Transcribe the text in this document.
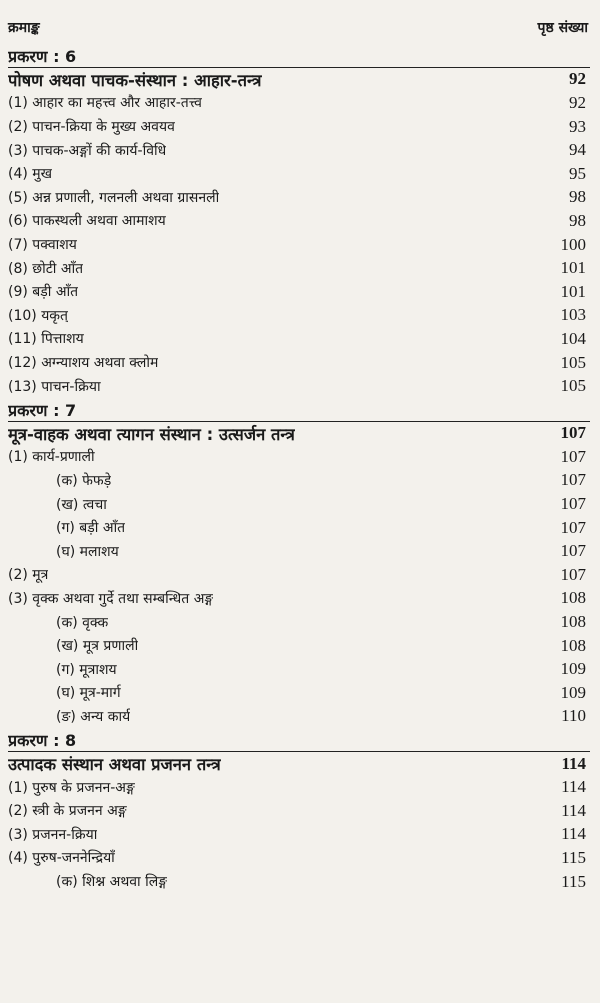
क्रमाङ्क	पृष्ठ संख्या
प्रकरण : 6
पोषण अथवा पाचक-संस्थान : आहार-तन्त्र	92
(1) आहार का महत्त्व और आहार-तत्त्व	92
(2) पाचन-क्रिया के मुख्य अवयव	93
(3) पाचक-अङ्गों की कार्य-विधि	94
(4) मुख	95
(5) अन्न प्रणाली, गलनली अथवा ग्रासनली	98
(6) पाकस्थली अथवा आमाशय	98
(7) पक्वाशय	100
(8) छोटी आँत	101
(9) बड़ी आँत	101
(10) यकृत्	103
(11) पित्ताशय	104
(12) अग्न्याशय अथवा क्लोम	105
(13) पाचन-क्रिया	105
प्रकरण : 7
मूत्र-वाहक अथवा त्यागन संस्थान : उत्सर्जन तन्त्र	107
(1) कार्य-प्रणाली	107
(क) फेफड़े	107
(ख) त्वचा	107
(ग) बड़ी आँत	107
(घ) मलाशय	107
(2) मूत्र	107
(3) वृक्क अथवा गुर्दे तथा सम्बन्धित अङ्ग	108
(क) वृक्क	108
(ख) मूत्र प्रणाली	108
(ग) मूत्राशय	109
(घ) मूत्र-मार्ग	109
(ङ) अन्य कार्य	110
प्रकरण : 8
उत्पादक संस्थान अथवा प्रजनन तन्त्र	114
(1) पुरुष के प्रजनन-अङ्ग	114
(2) स्त्री के प्रजनन अङ्ग	114
(3) प्रजनन-क्रिया	114
(4) पुरुष-जननेन्द्रियाँ	115
(क) शिश्न अथवा लिङ्ग	115
